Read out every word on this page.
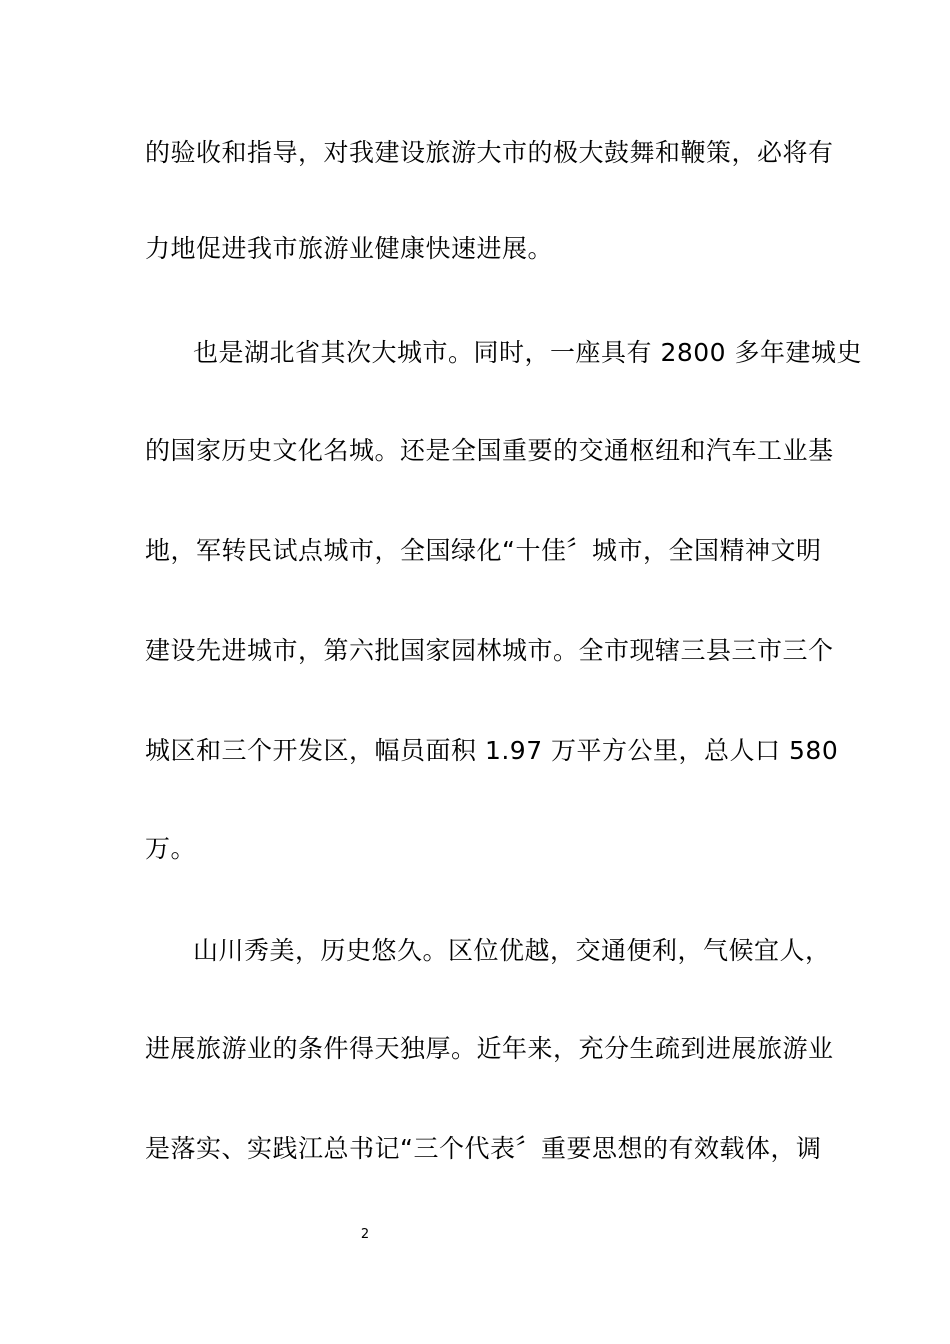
的验收和指导，对我建设旅游大市的极大鼓舞和鞭策，必将有
力地促进我市旅游业健康快速进展。
也是湖北省其次大城市。同时，一座具有 2800 多年建城史
的国家历史文化名城。还是全国重要的交通枢纽和汽车工业基
地，军转民试点城市，全国绿化“十佳〞城市，全国精神文明
建设先进城市，第六批国家园林城市。全市现辖三县三市三个
城区和三个开发区，幅员面积 1.97 万平方公里，总人口 580
万。
山川秀美，历史悠久。区位优越，交通便利，气候宜人，
进展旅游业的条件得天独厚。近年来，充分生疏到进展旅游业
是落实、实践江总书记“三个代表〞重要思想的有效载体，调
2
